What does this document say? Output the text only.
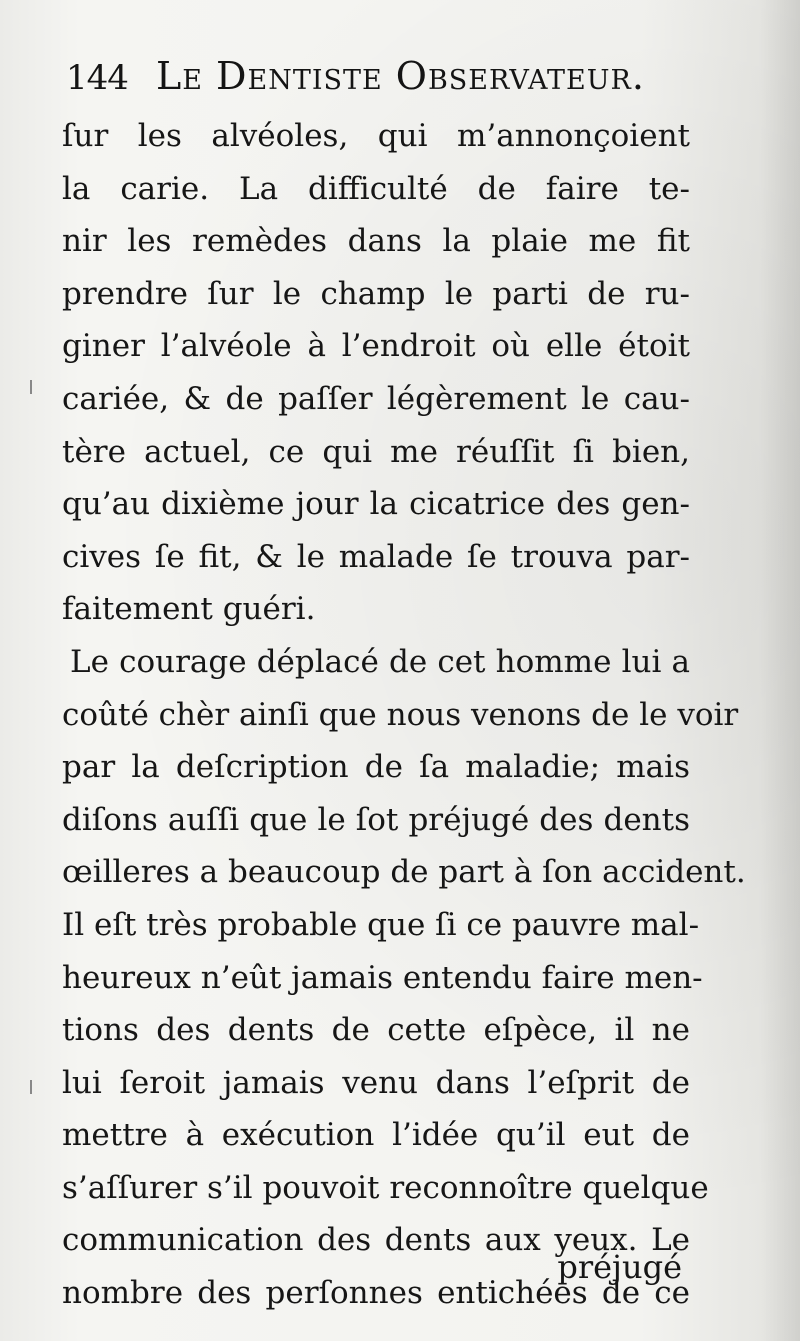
144 Le Dentiste Observateur.
ſur les alvéoles, qui m’annonçoient
la carie. La difficulté de faire te-
nir les remèdes dans la plaie me fit
prendre ſur le champ le parti de ru-
giner l’alvéole à l’endroit où elle étoit
cariée, & de paſſer légèrement le cau-
tère actuel, ce qui me réuſſit ſi bien,
qu’au dixième jour la cicatrice des gen-
cives ſe fit, & le malade ſe trouva par-
faitement guéri.
Le courage déplacé de cet homme lui a
coûté chèr ainſi que nous venons de le voir
par la deſcription de ſa maladie; mais
diſons auſſi que le ſot préjugé des dents
œilleres a beaucoup de part à ſon accident.
Il eſt très probable que ſi ce pauvre mal-
heureux n’eût jamais entendu faire men-
tions des dents de cette eſpèce, il ne
lui ſeroit jamais venu dans l’eſprit de
mettre à exécution l’idée qu’il eut de
s’aſſurer s’il pouvoit reconnoître quelque
communication des dents aux yeux. Le
nombre des perſonnes entichées de ce
préjugé
